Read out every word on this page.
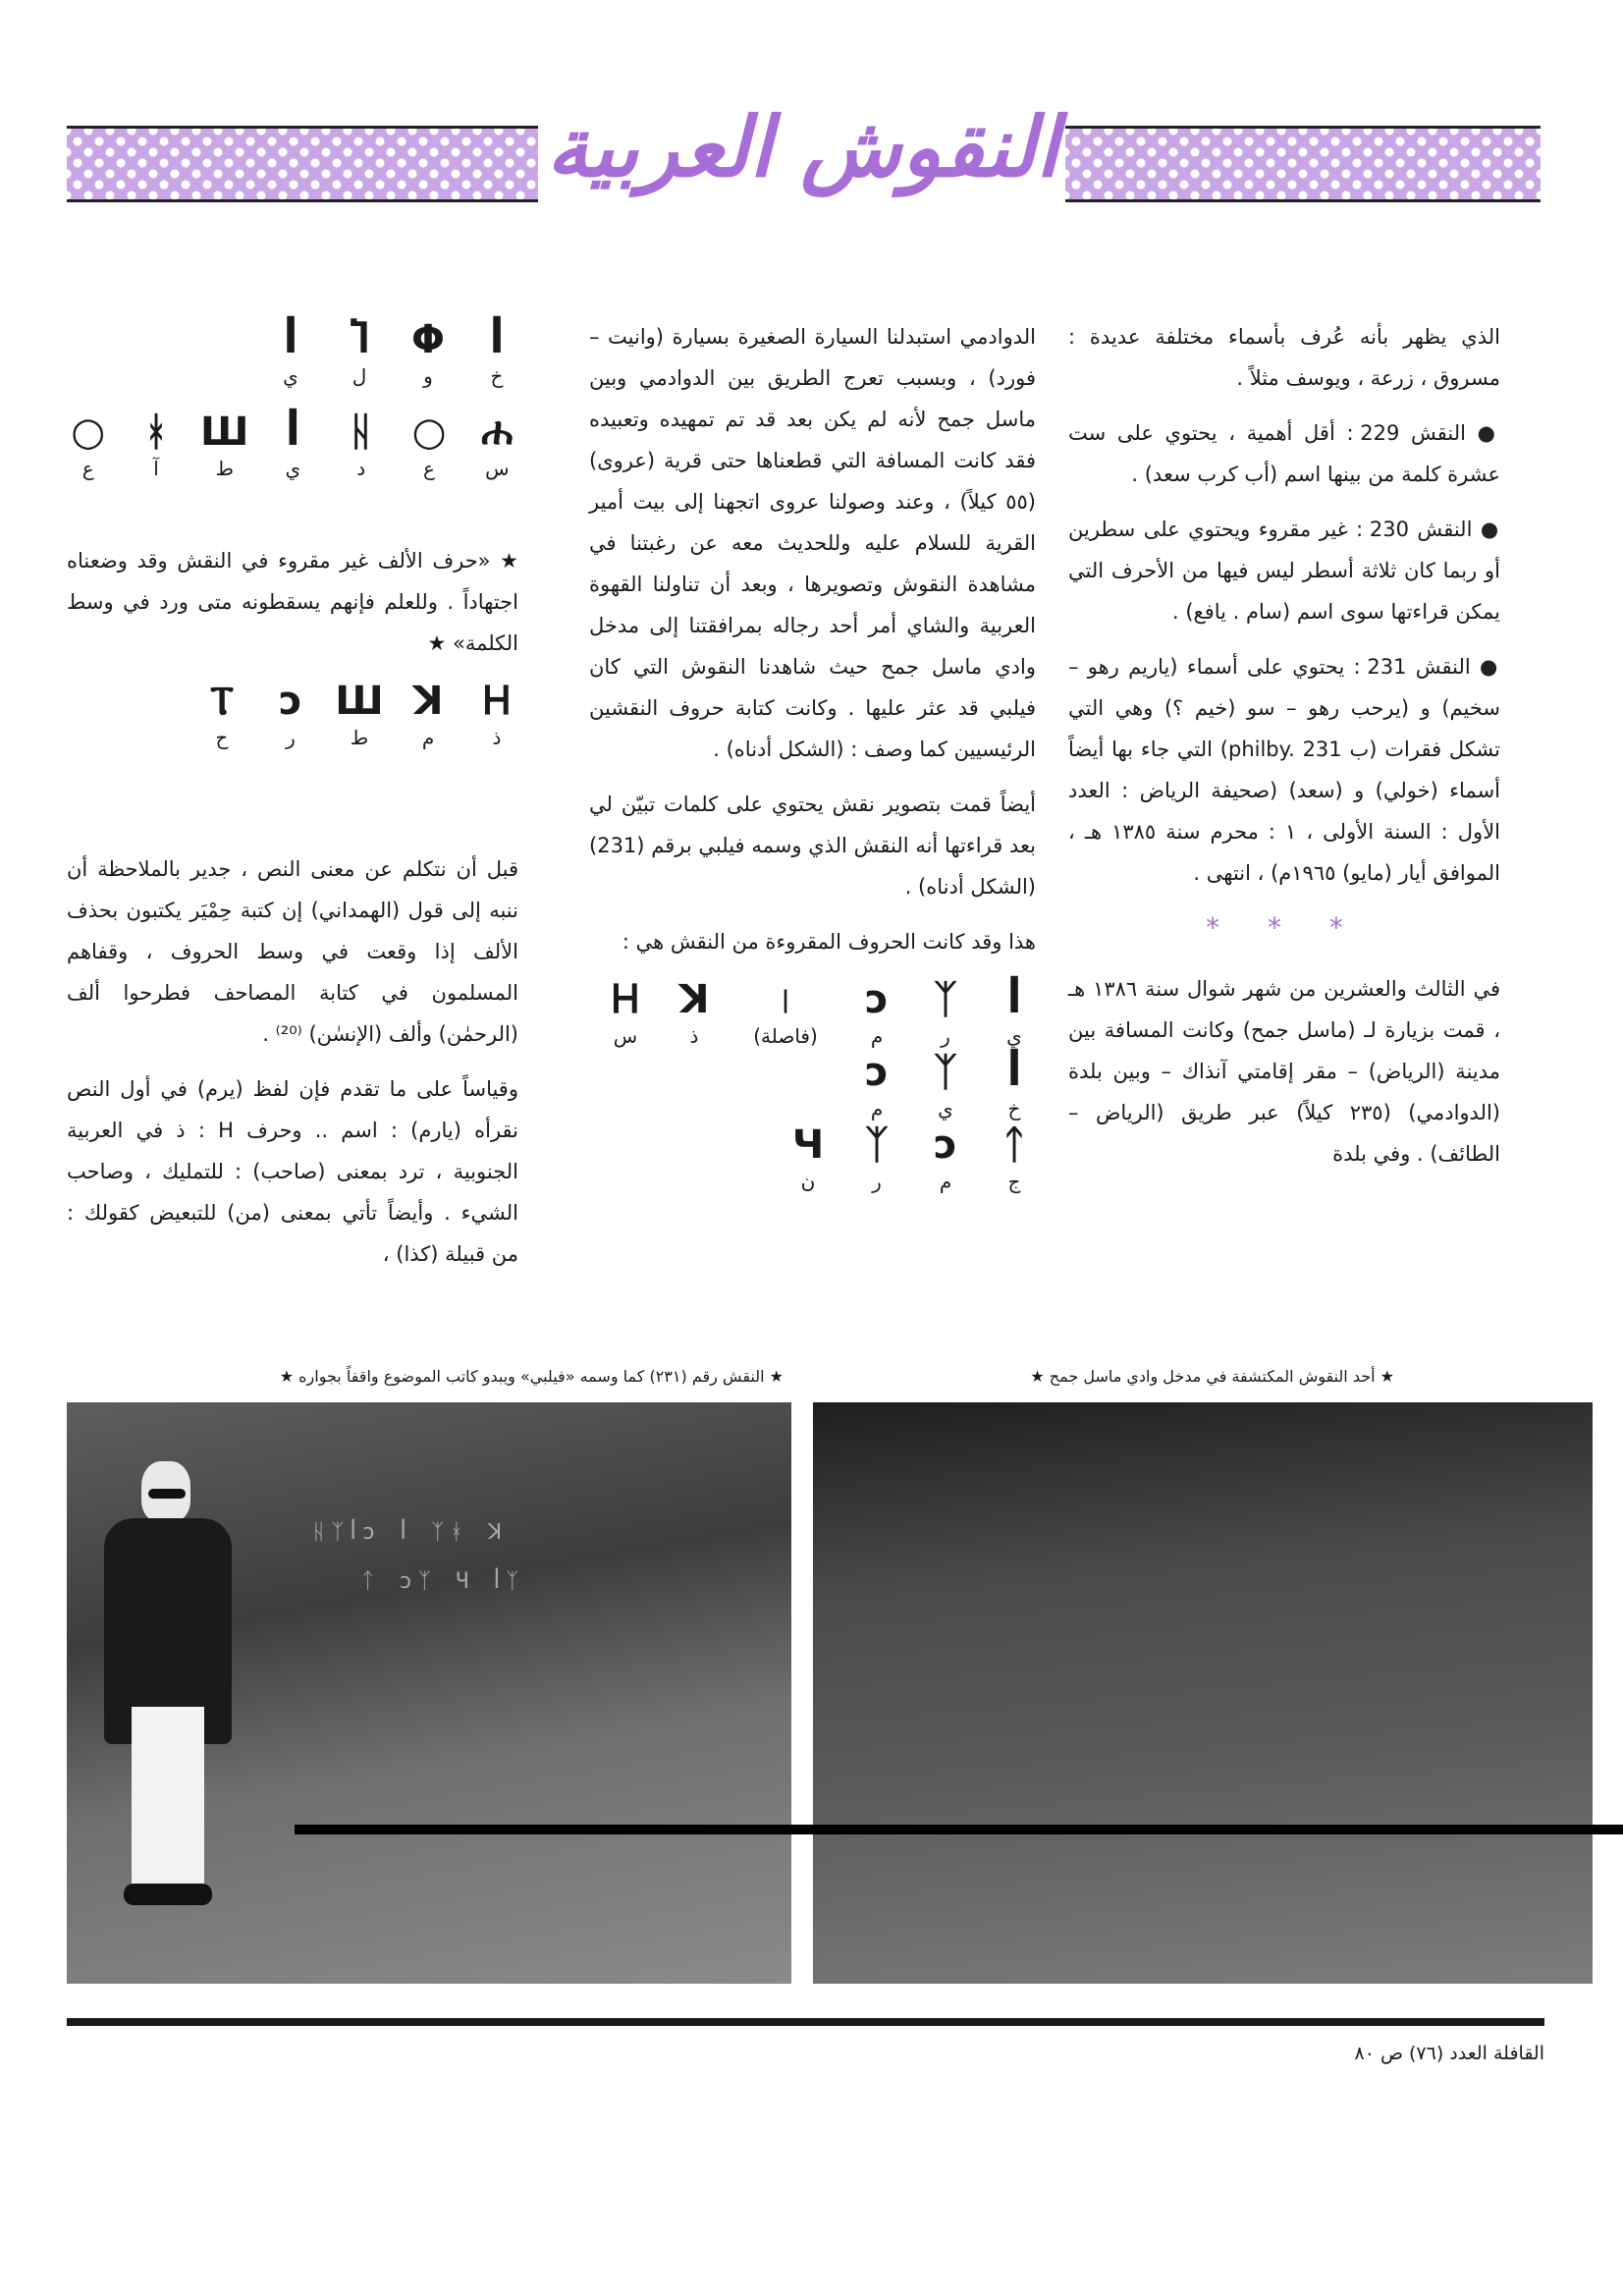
النقوش العربية

الذي يظهر بأنه عُرف بأسماء مختلفة عديدة : مسروق ، زرعة ، ويوسف مثلاً .

● النقش 229 : أقل أهمية ، يحتوي على ست عشرة كلمة من بينها اسم (أب كرب سعد) .

● النقش 230 : غير مقروء ويحتوي على سطرين أو ربما كان ثلاثة أسطر ليس فيها من الأحرف التي يمكن قراءتها سوى اسم (سام . يافع) .

● النقش 231 : يحتوي على أسماء (ياريم رهو – سخيم) و (يرحب رهو – سو (خيم ؟) وهي التي تشكل فقرات (ب philby. 231) التي جاء بها أيضاً أسماء (خولي) و (سعد) (صحيفة الرياض : العدد الأول : السنة الأولى ، ١ : محرم سنة ١٣٨٥ هـ ، الموافق أيار (مايو) ١٩٦٥م) ، انتهى .

* * *

في الثالث والعشرين من شهر شوال سنة ١٣٨٦ هـ ، قمت بزيارة لـ (ماسل جمح) وكانت المسافة بين مدينة (الرياض) – مقر إقامتي آنذاك – وبين بلدة (الدوادمي) (٢٣٥ كيلاً) عبر طريق (الرياض – الطائف) . وفي بلدة

الدوادمي استبدلنا السيارة الصغيرة بسيارة (وانيت – فورد) ، وبسبب تعرج الطريق بين الدوادمي وبين ماسل جمح لأنه لم يكن بعد قد تم تمهيده وتعبيده فقد كانت المسافة التي قطعناها حتى قرية (عروى) (٥٥ كيلاً) ، وعند وصولنا عروى اتجهنا إلى بيت أمير القرية للسلام عليه وللحديث معه عن رغبتنا في مشاهدة النقوش وتصويرها ، وبعد أن تناولنا القهوة العربية والشاي أمر أحد رجاله بمرافقتنا إلى مدخل وادي ماسل جمح حيث شاهدنا النقوش التي كان فيلبي قد عثر عليها . وكانت كتابة حروف النقشين الرئيسيين كما وصف : (الشكل أدناه) .

أيضاً قمت بتصوير نقش يحتوي على كلمات تبيّن لي بعد قراءتها أنه النقش الذي وسمه فيلبي برقم (231) (الشكل أدناه) .

هذا وقد كانت الحروف المقروءة من النقش هي :

ꟾ
ي
ᛉ
ر
ɔ
م
|
(فاصلة)
ꓘ
ذ
Ꮋ
س
ꟾ
خ
ᛉ
ي
ɔ
م
ᛏ
ج
ɔ
م
ᛉ
ر
Ч
ن
ꟾ
خ
Φ
و
Ⴈ
ل
ꟾ
ي
ሐ
س
○
ع
ᚺ
د
ꟾ
ي
Ш
ط
ᚼ
آ
○
ع

★ «حرف الألف غير مقروء في النقش وقد وضعناه اجتهاداً . وللعلم فإنهم يسقطونه متى ورد في وسط الكلمة» ★

Ꮋ
ذ
ꓘ
م
Ш
ط
ɔ
ر
Ⲧ
ح

قبل أن نتكلم عن معنى النص ، جدير بالملاحظة أن ننبه إلى قول (الهمداني) إن كتبة حِمْيَر يكتبون بحذف الألف إذا وقعت في وسط الحروف ، وقفاهم المسلمون في كتابة المصاحف فطرحوا ألف (الرحمٰن) وألف (الإنسٰن) ⁽²⁰⁾ .

وقياساً على ما تقدم فإن لفظ (يرم) في أول النص نقرأه (يارم) : اسم .. وحرف H : ذ في العربية الجنوبية ، ترد بمعنى (صاحب) : للتمليك ، وصاحب الشيء . وأيضاً تأتي بمعنى (من) للتبعيض كقولك : من قبيلة (كذا) ،

★ النقش رقم (٢٣١) كما وسمه «فيلبي» ويبدو كاتب الموضوع واقفاً بجواره ★	★ أحد النقوش المكتشفة في مدخل وادي ماسل جمح ★
ᚺᛉꟾɔ ꟾ ᛉᚼ ꓘ
ᛏ ɔᛉ Ч ꟾᛉ
القافلة العدد (٧٦) ص ٨٠
